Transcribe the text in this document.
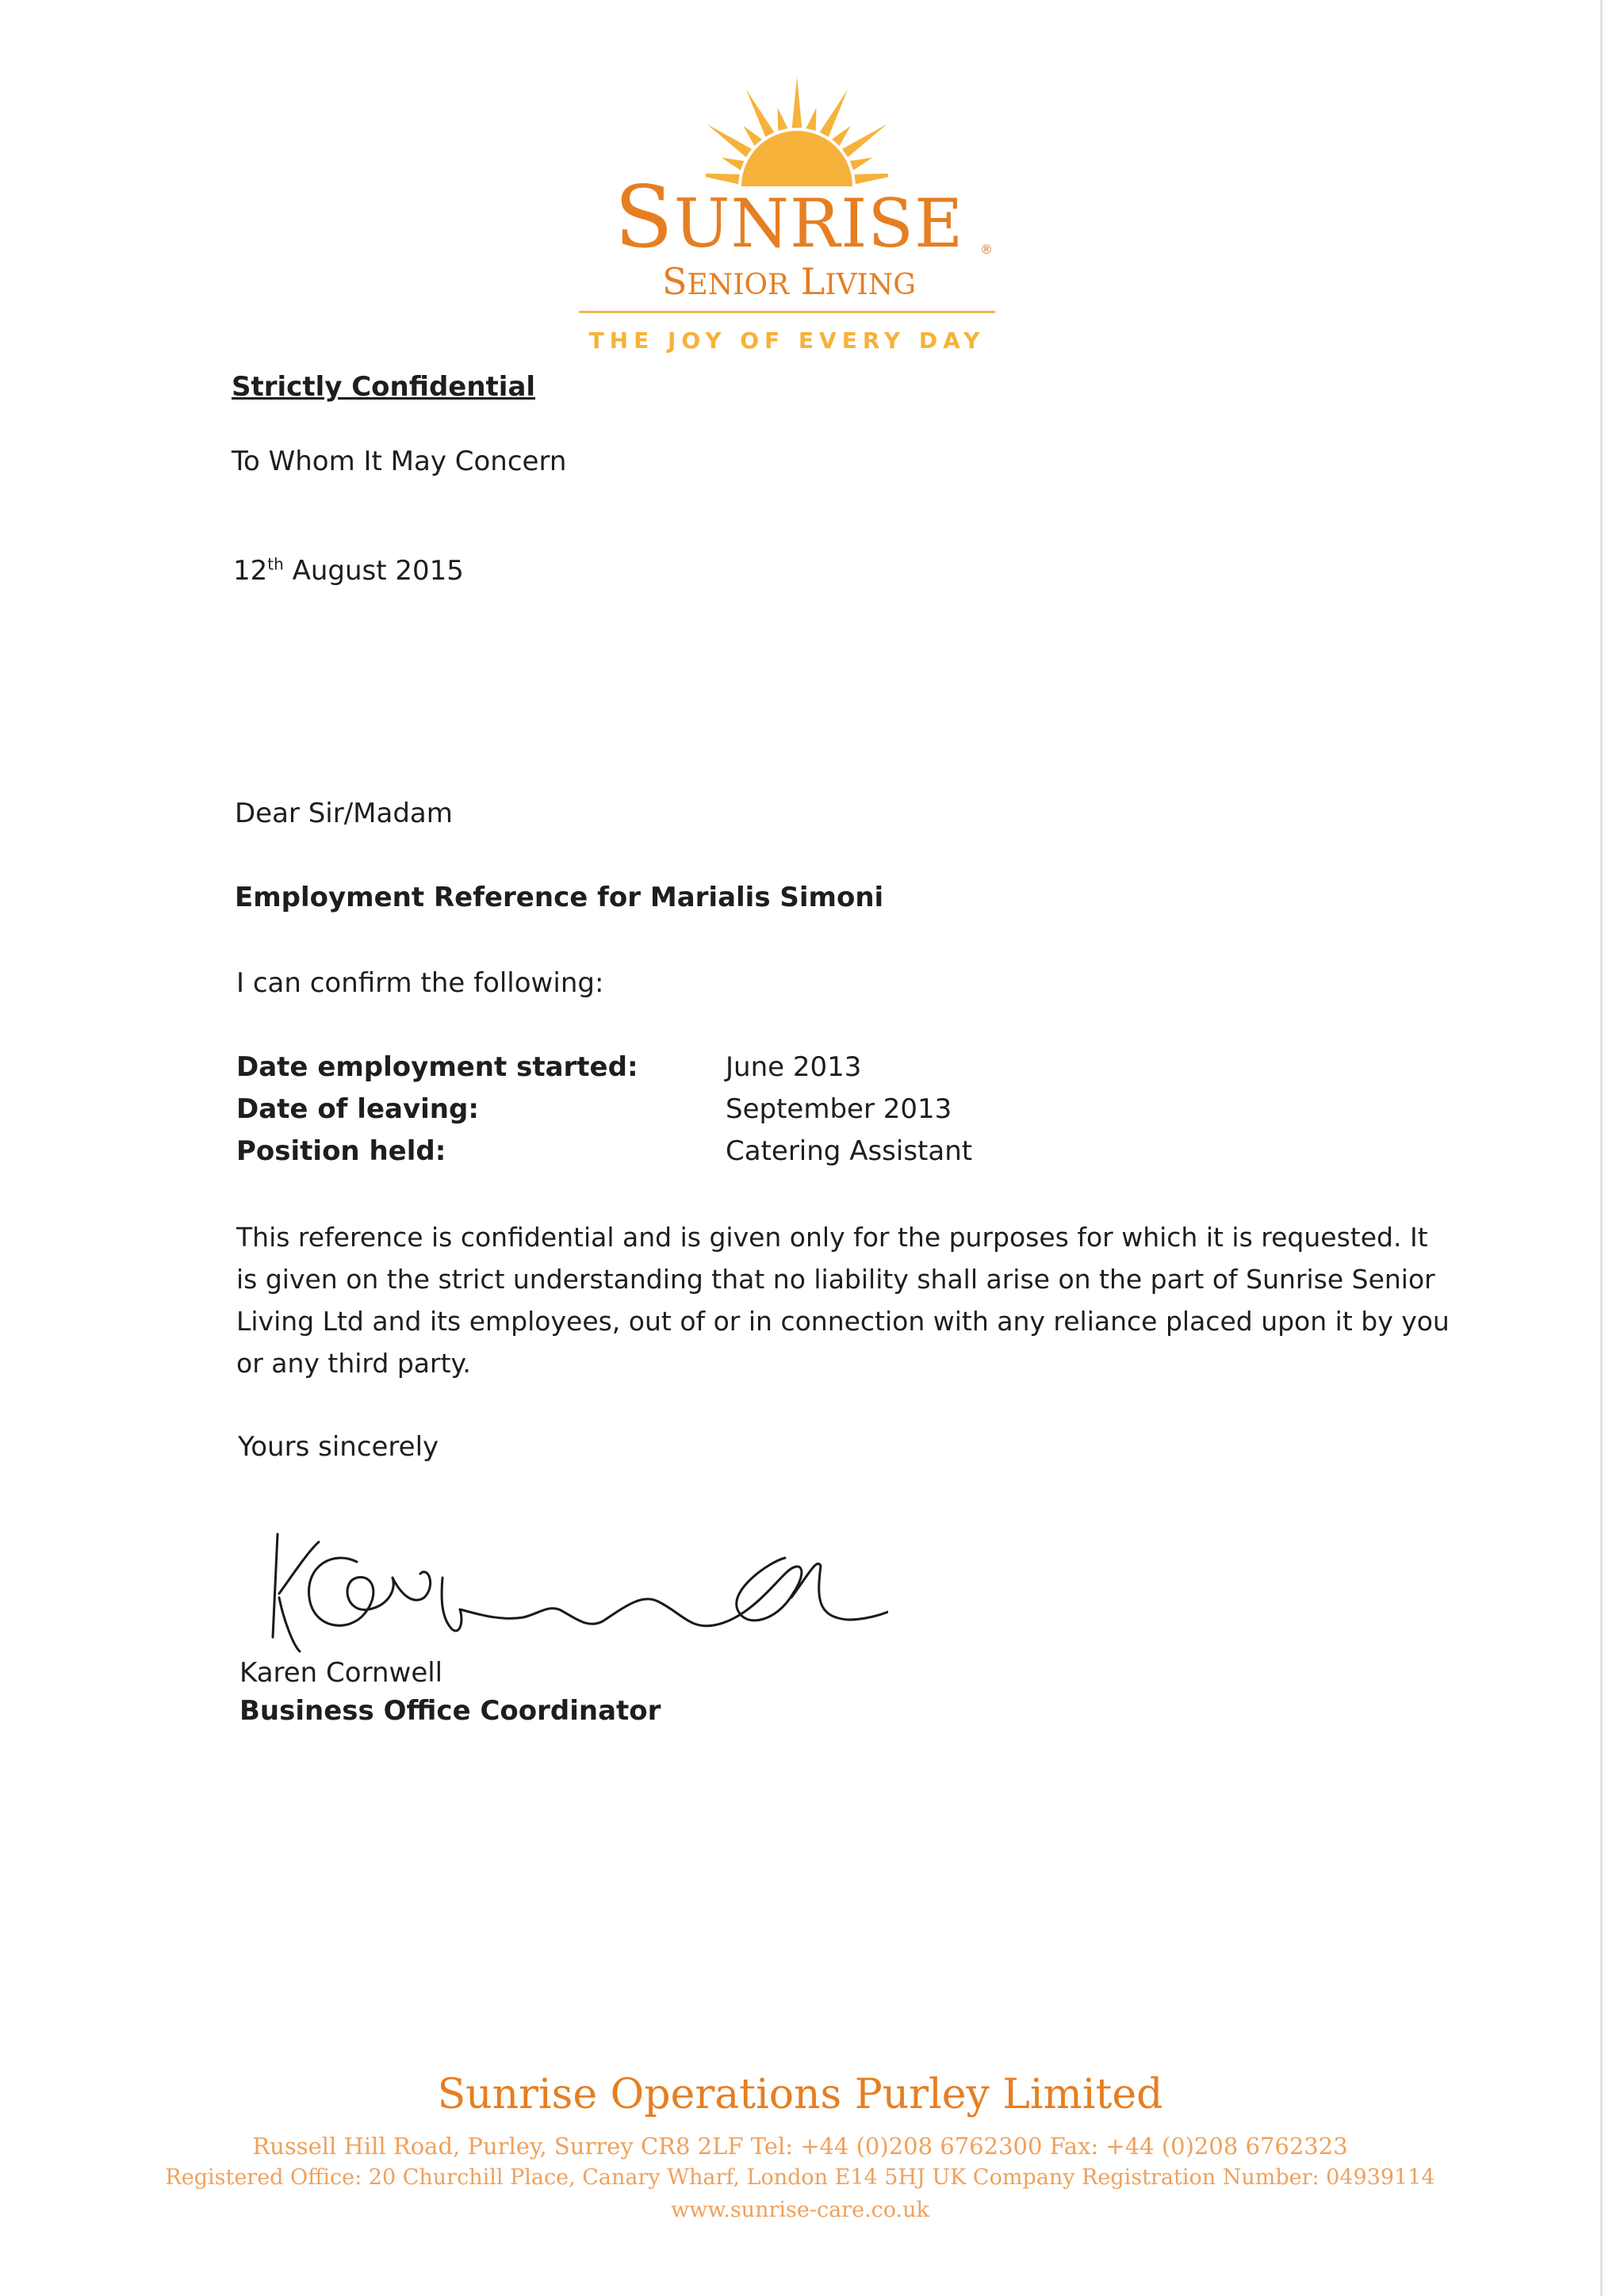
SUNRISE	®
SENIOR LIVING
THE JOY OF EVERY DAY
Strictly Confidential
To Whom It May Concern
12th August 2015
Dear Sir/Madam
Employment Reference for Marialis Simoni
I can confirm the following:
Date employment started:	June 2013
Date of leaving:	September 2013
Position held:	Catering Assistant
This reference is confidential and is given only for the purposes for which it is requested. It
is given on the strict understanding that no liability shall arise on the part of Sunrise Senior
Living Ltd and its employees, out of or in connection with any reliance placed upon it by you
or any third party.
Yours sincerely
Karen Cornwell
Business Office Coordinator
Sunrise Operations Purley Limited
Russell Hill Road, Purley, Surrey CR8 2LF Tel: +44 (0)208 6762300 Fax: +44 (0)208 6762323
Registered Office: 20 Churchill Place, Canary Wharf, London E14 5HJ UK Company Registration Number: 04939114
www.sunrise-care.co.uk
